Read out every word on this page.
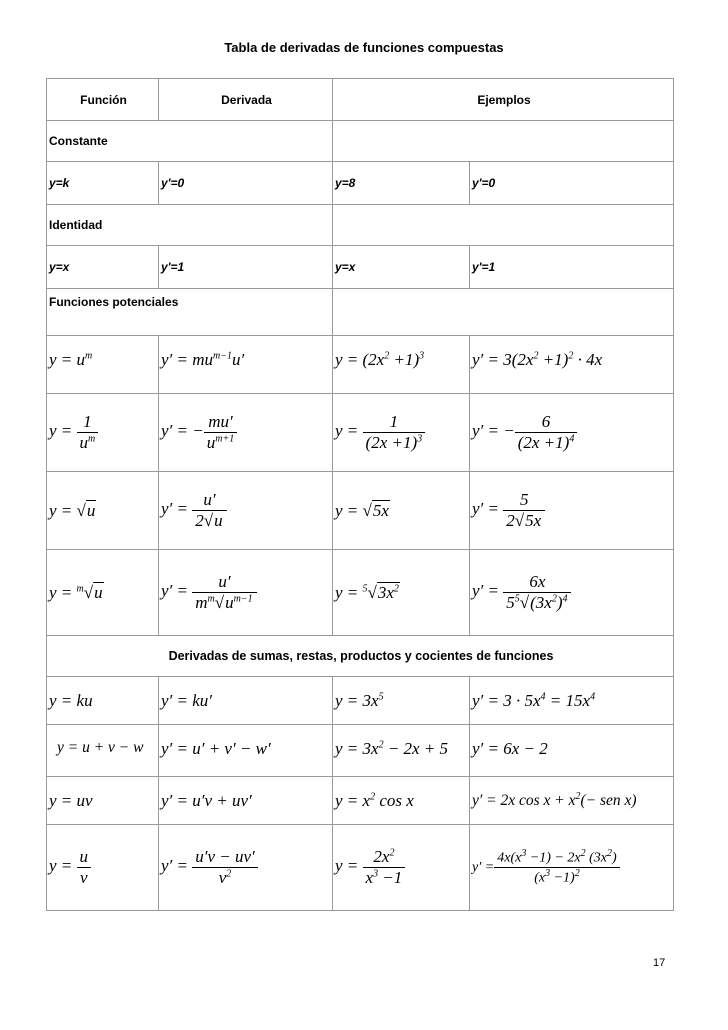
Tabla de derivadas de funciones compuestas
Función	Derivada	Ejemplos	
Constante			
y=k	y'=0	y=8	y'=0
Identidad			
y=x	y'=1	y=x	y'=1
Funciones potenciales			
$y = u^m$	$y' = mu^{m-1}u'$	$y = (2x^2 +1)^3$	$y' = 3(2x^2 +1)^2 \cdot 4x$
$y = \frac{1}{u^m}$	y′ = − $\frac{mu'}{u^{m+1}}$	$y = \frac{1}{(2x +1)^3}$	y′ = − $\frac{6}{(2x +1)^4}$

y = √u	$y' = \frac{u'}{2√u}$	y = √5x	$y' = \frac{5}{2√5x}$

y = $^m$√u	$y' = \frac{u'}{m^m√u^{m-1}}$	$y = ^5√3x^2$	$y' = \frac{6x}{5^5√(3x^2)^4}$

Derivadas de sumas, restas, productos y cocientes de funciones			
y = ku	y′ = ku′	$y = 3x^5$	$y' = 3 \cdot 5x^4 = 15x^4$
y = u + v − w	y′ = u′ + v′ − w′	$y = 3x^2 - 2x + 5$	y′ = 6x − 2
y = uv	y′ = u′v + uv′	$y = x^2$ cos x	y′ = 2x $\cos x + x^2(-$ sen x)
$y = \frac{u}{v}$	$y' = \frac{u'v - uv'}{v^2}$	$y = \frac{2x^2}{x^3 -1}$	$y' = \frac{4x(x^3 -1) - 2x^2 (3x^2)}{(x^3 -1)^2}$
17
